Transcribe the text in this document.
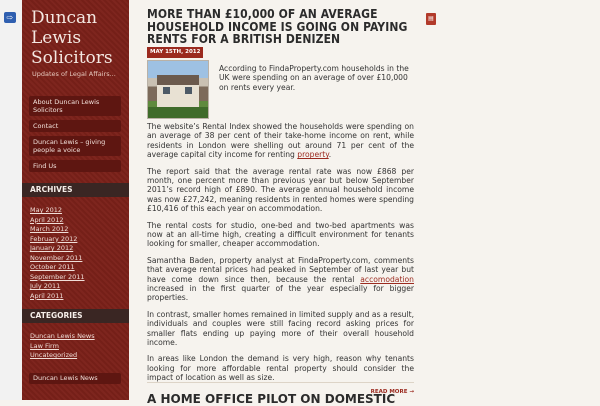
⇨ Duncan Lewis Solicitors
Updates of Legal Affairs...
About Duncan Lewis Solicitors
Contact
Duncan Lewis – giving people a voice
Find Us
ARCHIVES
May 2012
April 2012
March 2012
February 2012
January 2012
November 2011
October 2011
September 2011
July 2011
April 2011
CATEGORIES
Duncan Lewis News
Law Firm
Uncategorized
Duncan Lewis News
MORE THAN £10,000 OF AN AVERAGE HOUSEHOLD INCOME IS GOING ON PAYING RENTS FOR A BRITISH DENIZEN
MAY 15TH, 2012

According to FindaProperty.com households in the UK were spending on an average of over £10,000 on rents every year.

The website’s Rental Index showed the households were spending on an average of 38 per cent of their take-home income on rent, while residents in London were shelling out around 71 per cent of the average capital city income for renting property.

The report said that the average rental rate was now £868 per month, one percent more than previous year but below September 2011’s record high of £890. The average annual household income was now £27,242, meaning residents in rented homes were spending £10,416 of this each year on accommodation.

The rental costs for studio, one-bed and two-bed apartments was now at an all-time high, creating a difficult environment for tenants looking for smaller, cheaper accommodation.

Samantha Baden, property analyst at FindaProperty.com, comments that average rental prices had peaked in September of last year but have come down since then, because the rental accomodation increased in the first quarter of the year especially for bigger properties.

In contrast, smaller homes remained in limited supply and as a result, individuals and couples were still facing record asking prices for smaller flats ending up paying more of their overall household income.

In areas like London the demand is very high, reason why tenants looking for more affordable rental property should consider the impact of location as well as size.

READ MORE →
▤
A HOME OFFICE PILOT ON DOMESTIC
